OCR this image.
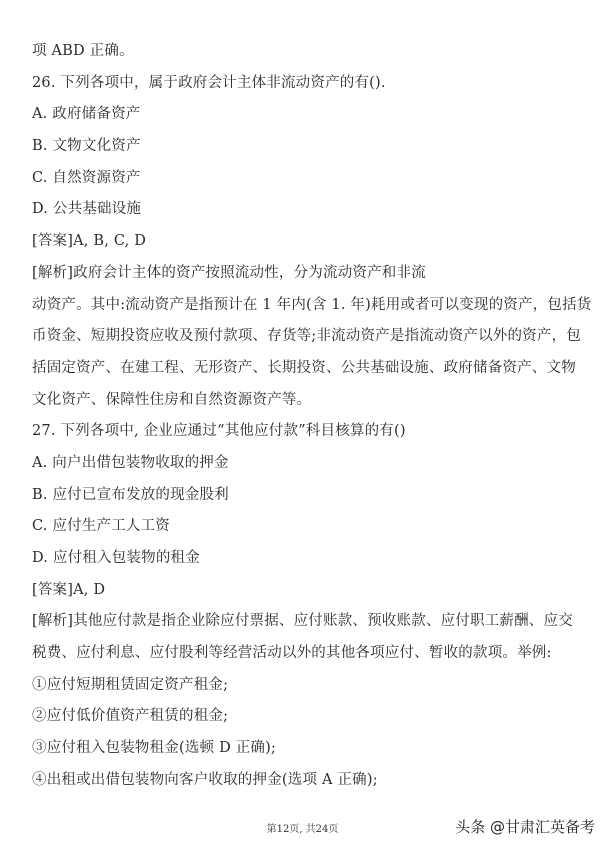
项 ABD 正确。
26. 下列各项中，属于政府会计主体非流动资产的有().
A. 政府储备资产
B. 文物文化资产
C. 自然资源资产
D. 公共基础设施
[答案]A, B, C, D
[解析]政府会计主体的资产按照流动性，分为流动资产和非流
动资产。其中:流动资产是指预计在 1 年内(含 1. 年)耗用或者可以变现的资产，包括货
币资金、短期投资应收及预付款项、存货等;非流动资产是指流动资产以外的资产，包
括固定资产、在建工程、无形资产、长期投资、公共基础设施、政府储备资产、文物
文化资产、保障性住房和自然资源资产等。
27. 下列各项中, 企业应通过“其他应付款”科目核算的有()
A. 向户出借包装物收取的押金
B. 应付已宣布发放的现金股利
C. 应付生产工人工资
D. 应付租入包装物的租金
[答案]A, D
[解析]其他应付款是指企业除应付票据、应付账款、预收账款、应付职工薪酬、应交
税费、应付利息、应付股利等经营活动以外的其他各项应付、暂收的款项。举例:
①应付短期租赁固定资产租金;
②应付低价值资产租赁的租金;
③应付租入包装物租金(选顿 D 正确);
④出租或出借包装物向客户收取的押金(选项 A 正确);
第12页, 共24页	头条 @甘肃汇英备考
